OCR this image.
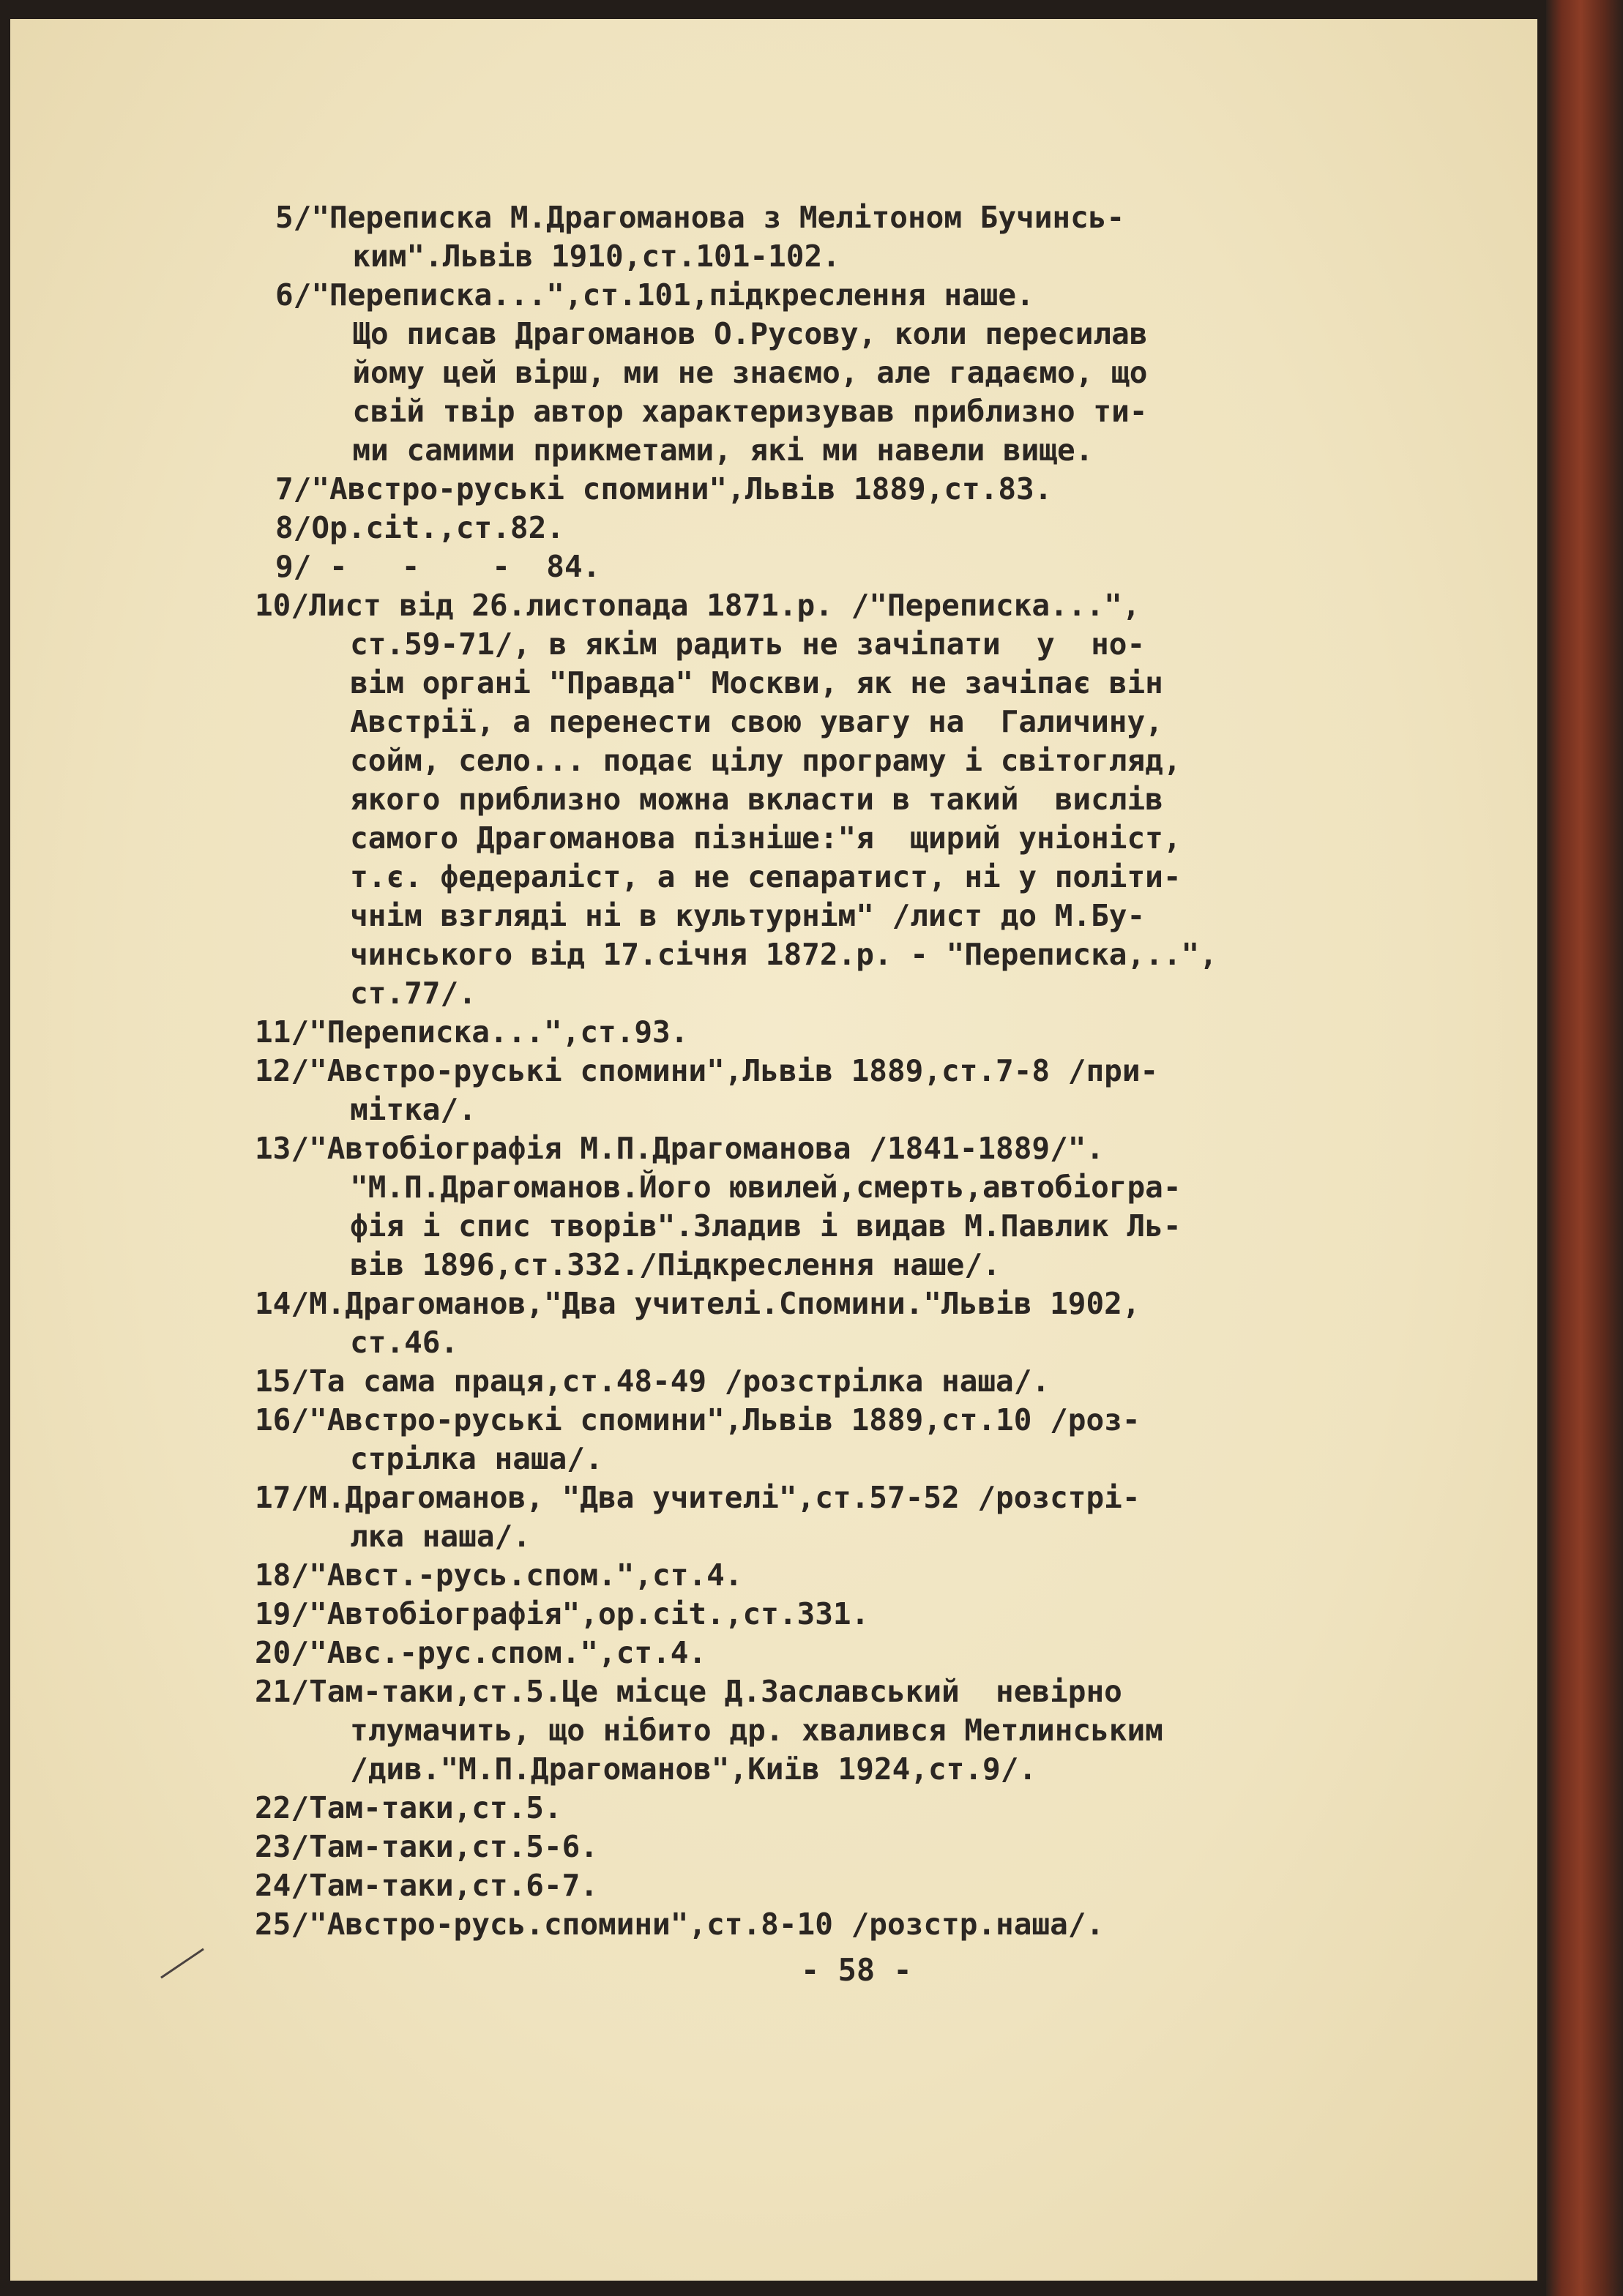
5/ "Переписка М.Драгоманова з Мелітоном Бучинсь-
ким".Львів 1910,ст.101-102.
6/ "Переписка...",ст.101,підкреслення наше.
Що писав Драгоманов О.Русову, коли пересилав
йому цей вірш, ми не знаємо, але гадаємо, що
свій твір автор характеризував приблизно ти-
ми самими прикметами, які ми навели вище.
7/ "Австро-руські спомини",Львів 1889,ст.83.
8/ Op.cit.,ст.82.
9/ -   -    -  84.
10/ Лист від 26.листопада 1871.р. /"Переписка...",
ст.59-71/, в якім радить не зачіпати  у  но-
вім органі "Правда" Москви, як не зачіпає він
Австрії, а перенести свою увагу на  Галичину,
сойм, село... подає цілу програму і світогляд,
якого приблизно можна вкласти в такий  вислів
самого Драгоманова пізніше:"я  щирий уніоніст,
т.є. федераліст, а не сепаратист, ні у політи-
чнім взгляді ні в культурнім" /лист до М.Бу-
чинського від 17.січня 1872.р. - "Переписка,..",
ст.77/.
11/ "Переписка...",ст.93.
12/ "Австро-руські спомини",Львів 1889,ст.7-8 /при-
мітка/.
13/ "Автобіографія М.П.Драгоманова /1841-1889/".
"М.П.Драгоманов.Його ювилей,смерть,автобіогра-
фія і спис творів".Зладив і видав М.Павлик Ль-
вів 1896,ст.332./Підкреслення наше/.
14/ М.Драгоманов,"Два учителі.Спомини."Львів 1902,
ст.46.
15/ Та сама праця,ст.48-49 /розстрілка наша/.
16/ "Австро-руські спомини",Львів 1889,ст.10 /роз-
стрілка наша/.
17/ М.Драгоманов, "Два учителі",ст.57-52 /розстрі-
лка наша/.
18/ "Авст.-русь.спом.",ст.4.
19/ "Автобіографія",op.cit.,ст.331.
20/ "Авс.-рус.спом.",ст.4.
21/ Там-таки,ст.5.Це місце Д.Заславський  невірно
тлумачить, що нібито др. хвалився Метлинським
/див."М.П.Драгоманов",Київ 1924,ст.9/.
22/ Там-таки,ст.5.
23/ Там-таки,ст.5-6.
24/ Там-таки,ст.6-7.
25/ "Австро-русь.спомини",ст.8-10 /розстр.наша/.
- 58 -
